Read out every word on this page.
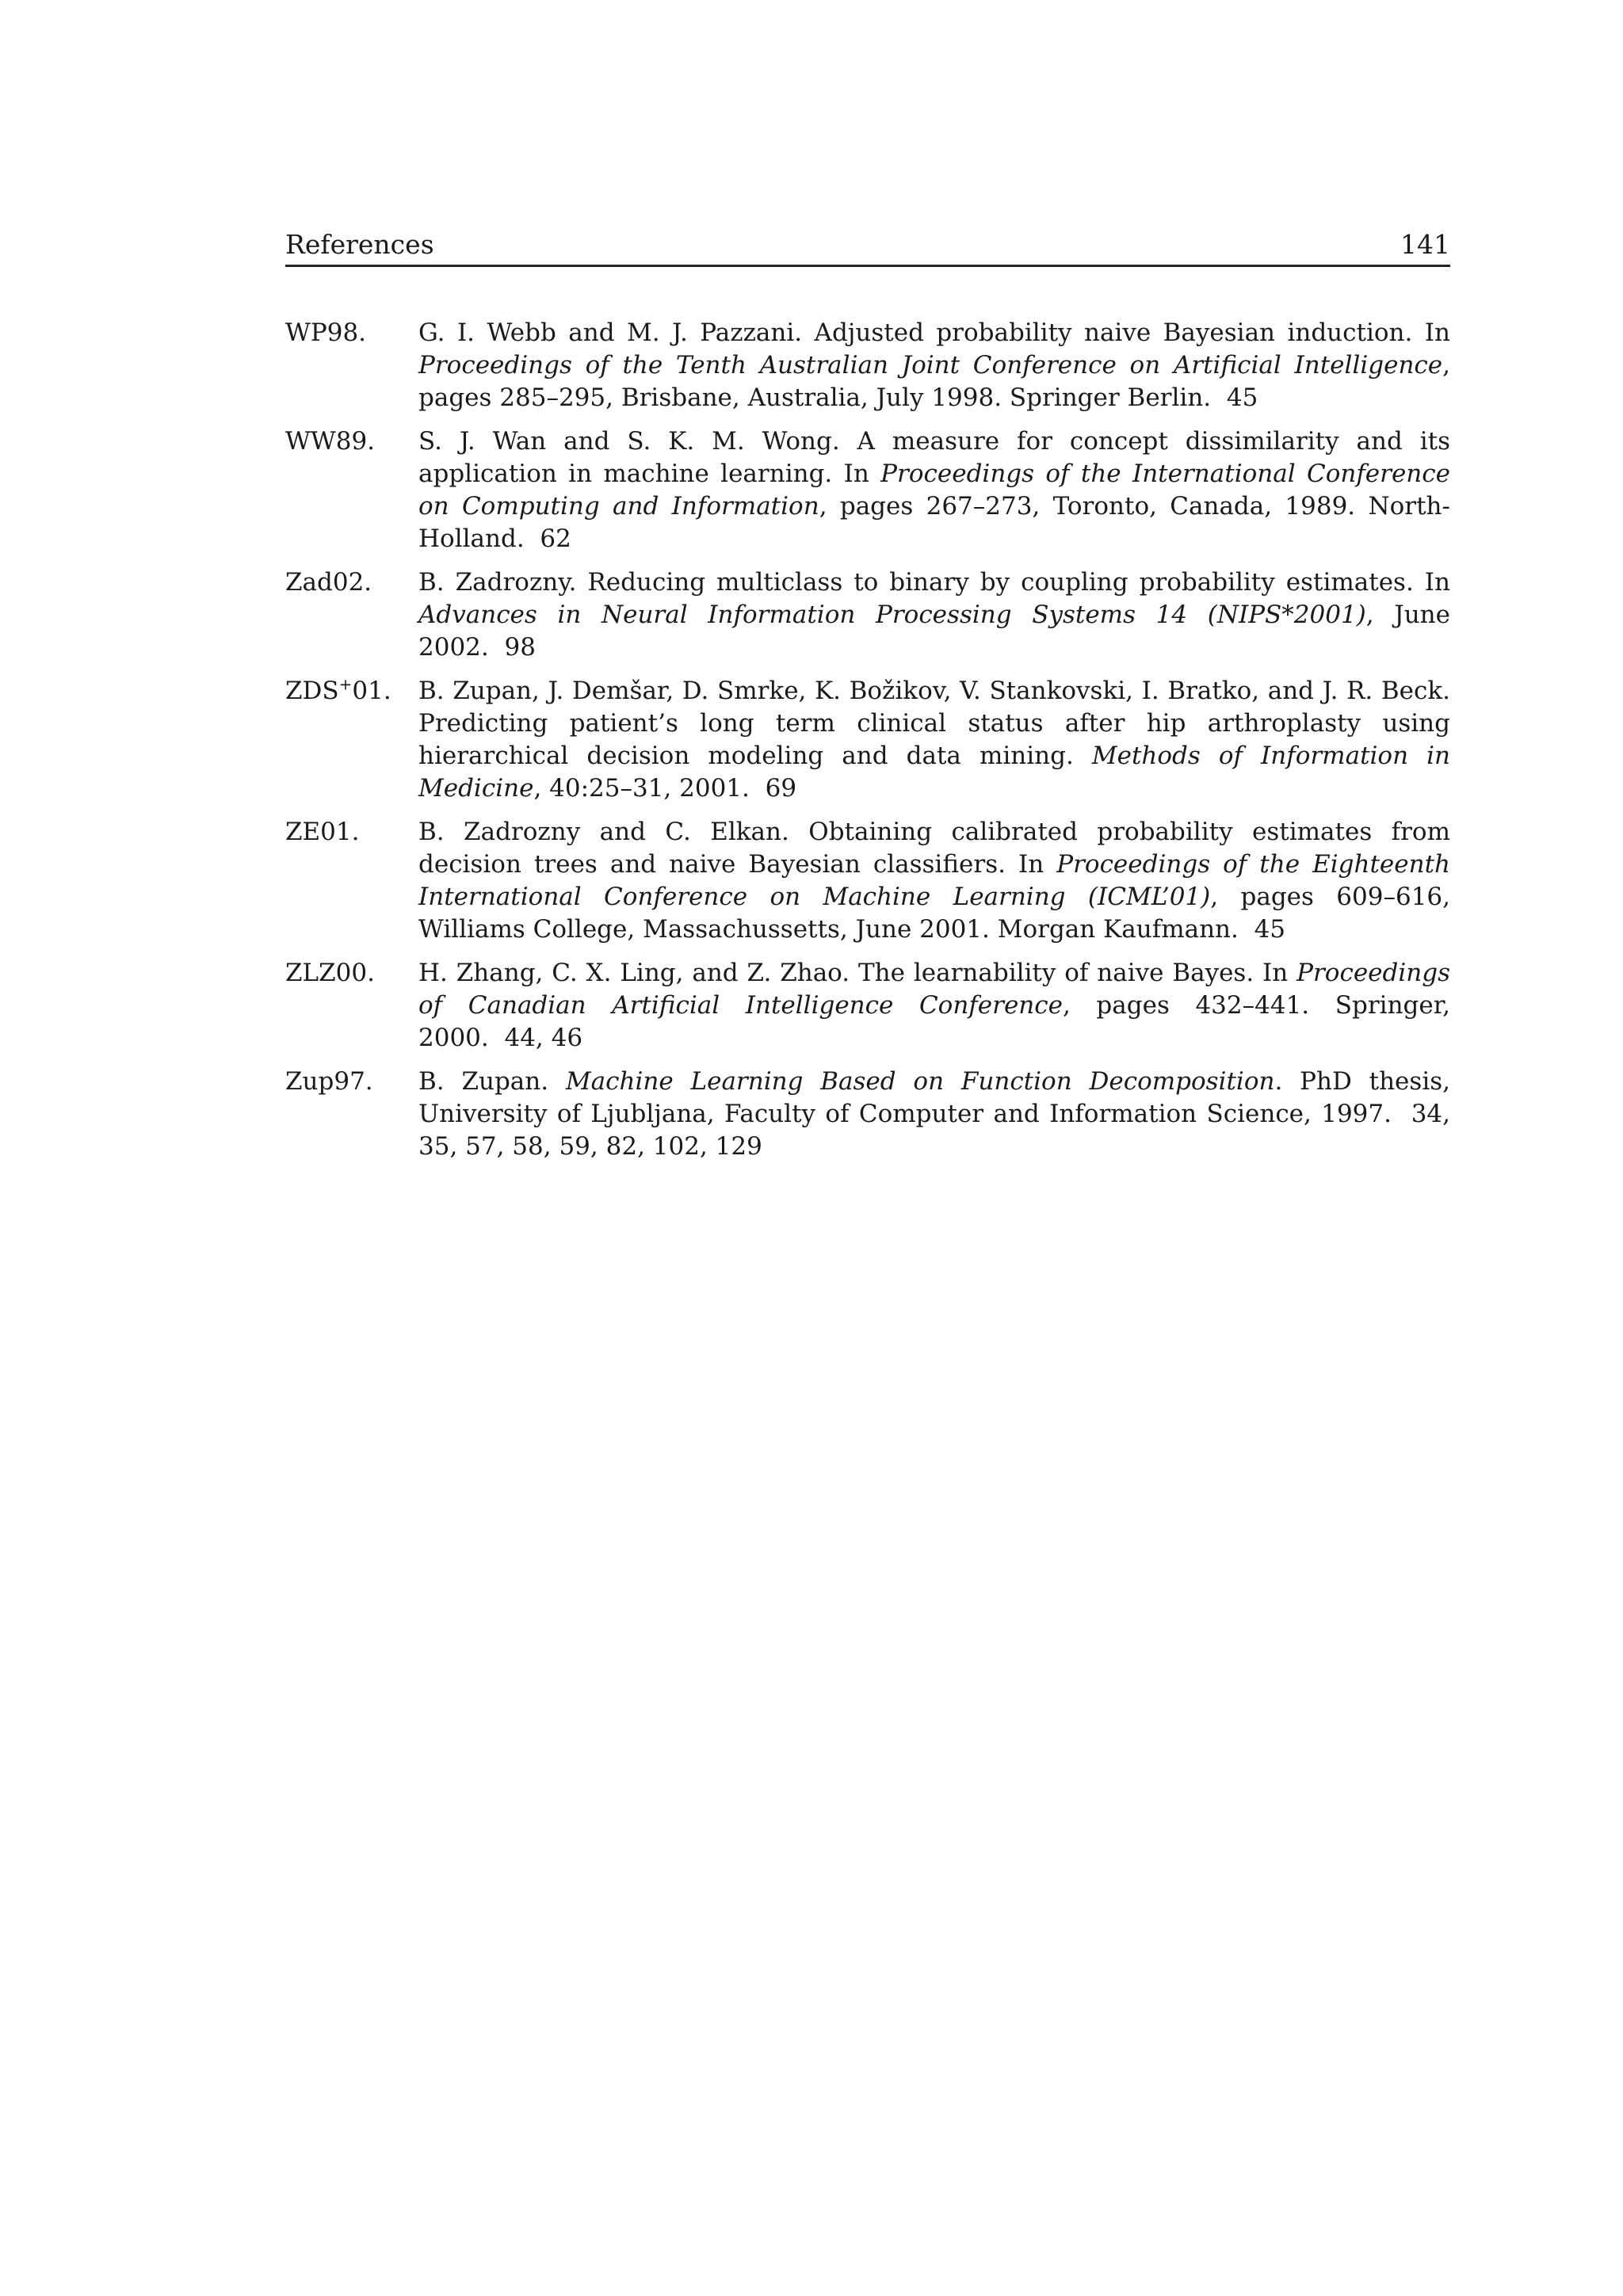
References	141
WP98.	G. I. Webb and M. J. Pazzani. Adjusted probability naive Bayesian induction. In Proceedings of the Tenth Australian Joint Conference on Artificial Intelligence, pages 285–295, Brisbane, Australia, July 1998. Springer Berlin. 45
WW89.	S. J. Wan and S. K. M. Wong. A measure for concept dissimilarity and its application in machine learning. In Proceedings of the International Conference on Computing and Information, pages 267–273, Toronto, Canada, 1989. North-Holland. 62
Zad02.	B. Zadrozny. Reducing multiclass to binary by coupling probability estimates. In Advances in Neural Information Processing Systems 14 (NIPS*2001), June 2002. 98
ZDS+01.	B. Zupan, J. Demšar, D. Smrke, K. Božikov, V. Stankovski, I. Bratko, and J. R. Beck. Predicting patient’s long term clinical status after hip arthroplasty using hierarchical decision modeling and data mining. Methods of Information in Medicine, 40:25–31, 2001. 69
ZE01.	B. Zadrozny and C. Elkan. Obtaining calibrated probability estimates from decision trees and naive Bayesian classifiers. In Proceedings of the Eighteenth International Conference on Machine Learning (ICML’01), pages 609–616, Williams College, Massachussetts, June 2001. Morgan Kaufmann. 45
ZLZ00.	H. Zhang, C. X. Ling, and Z. Zhao. The learnability of naive Bayes. In Proceedings of Canadian Artificial Intelligence Conference, pages 432–441. Springer, 2000. 44, 46
Zup97.	B. Zupan. Machine Learning Based on Function Decomposition. PhD thesis, University of Ljubljana, Faculty of Computer and Information Science, 1997. 34, 35, 57, 58, 59, 82, 102, 129
